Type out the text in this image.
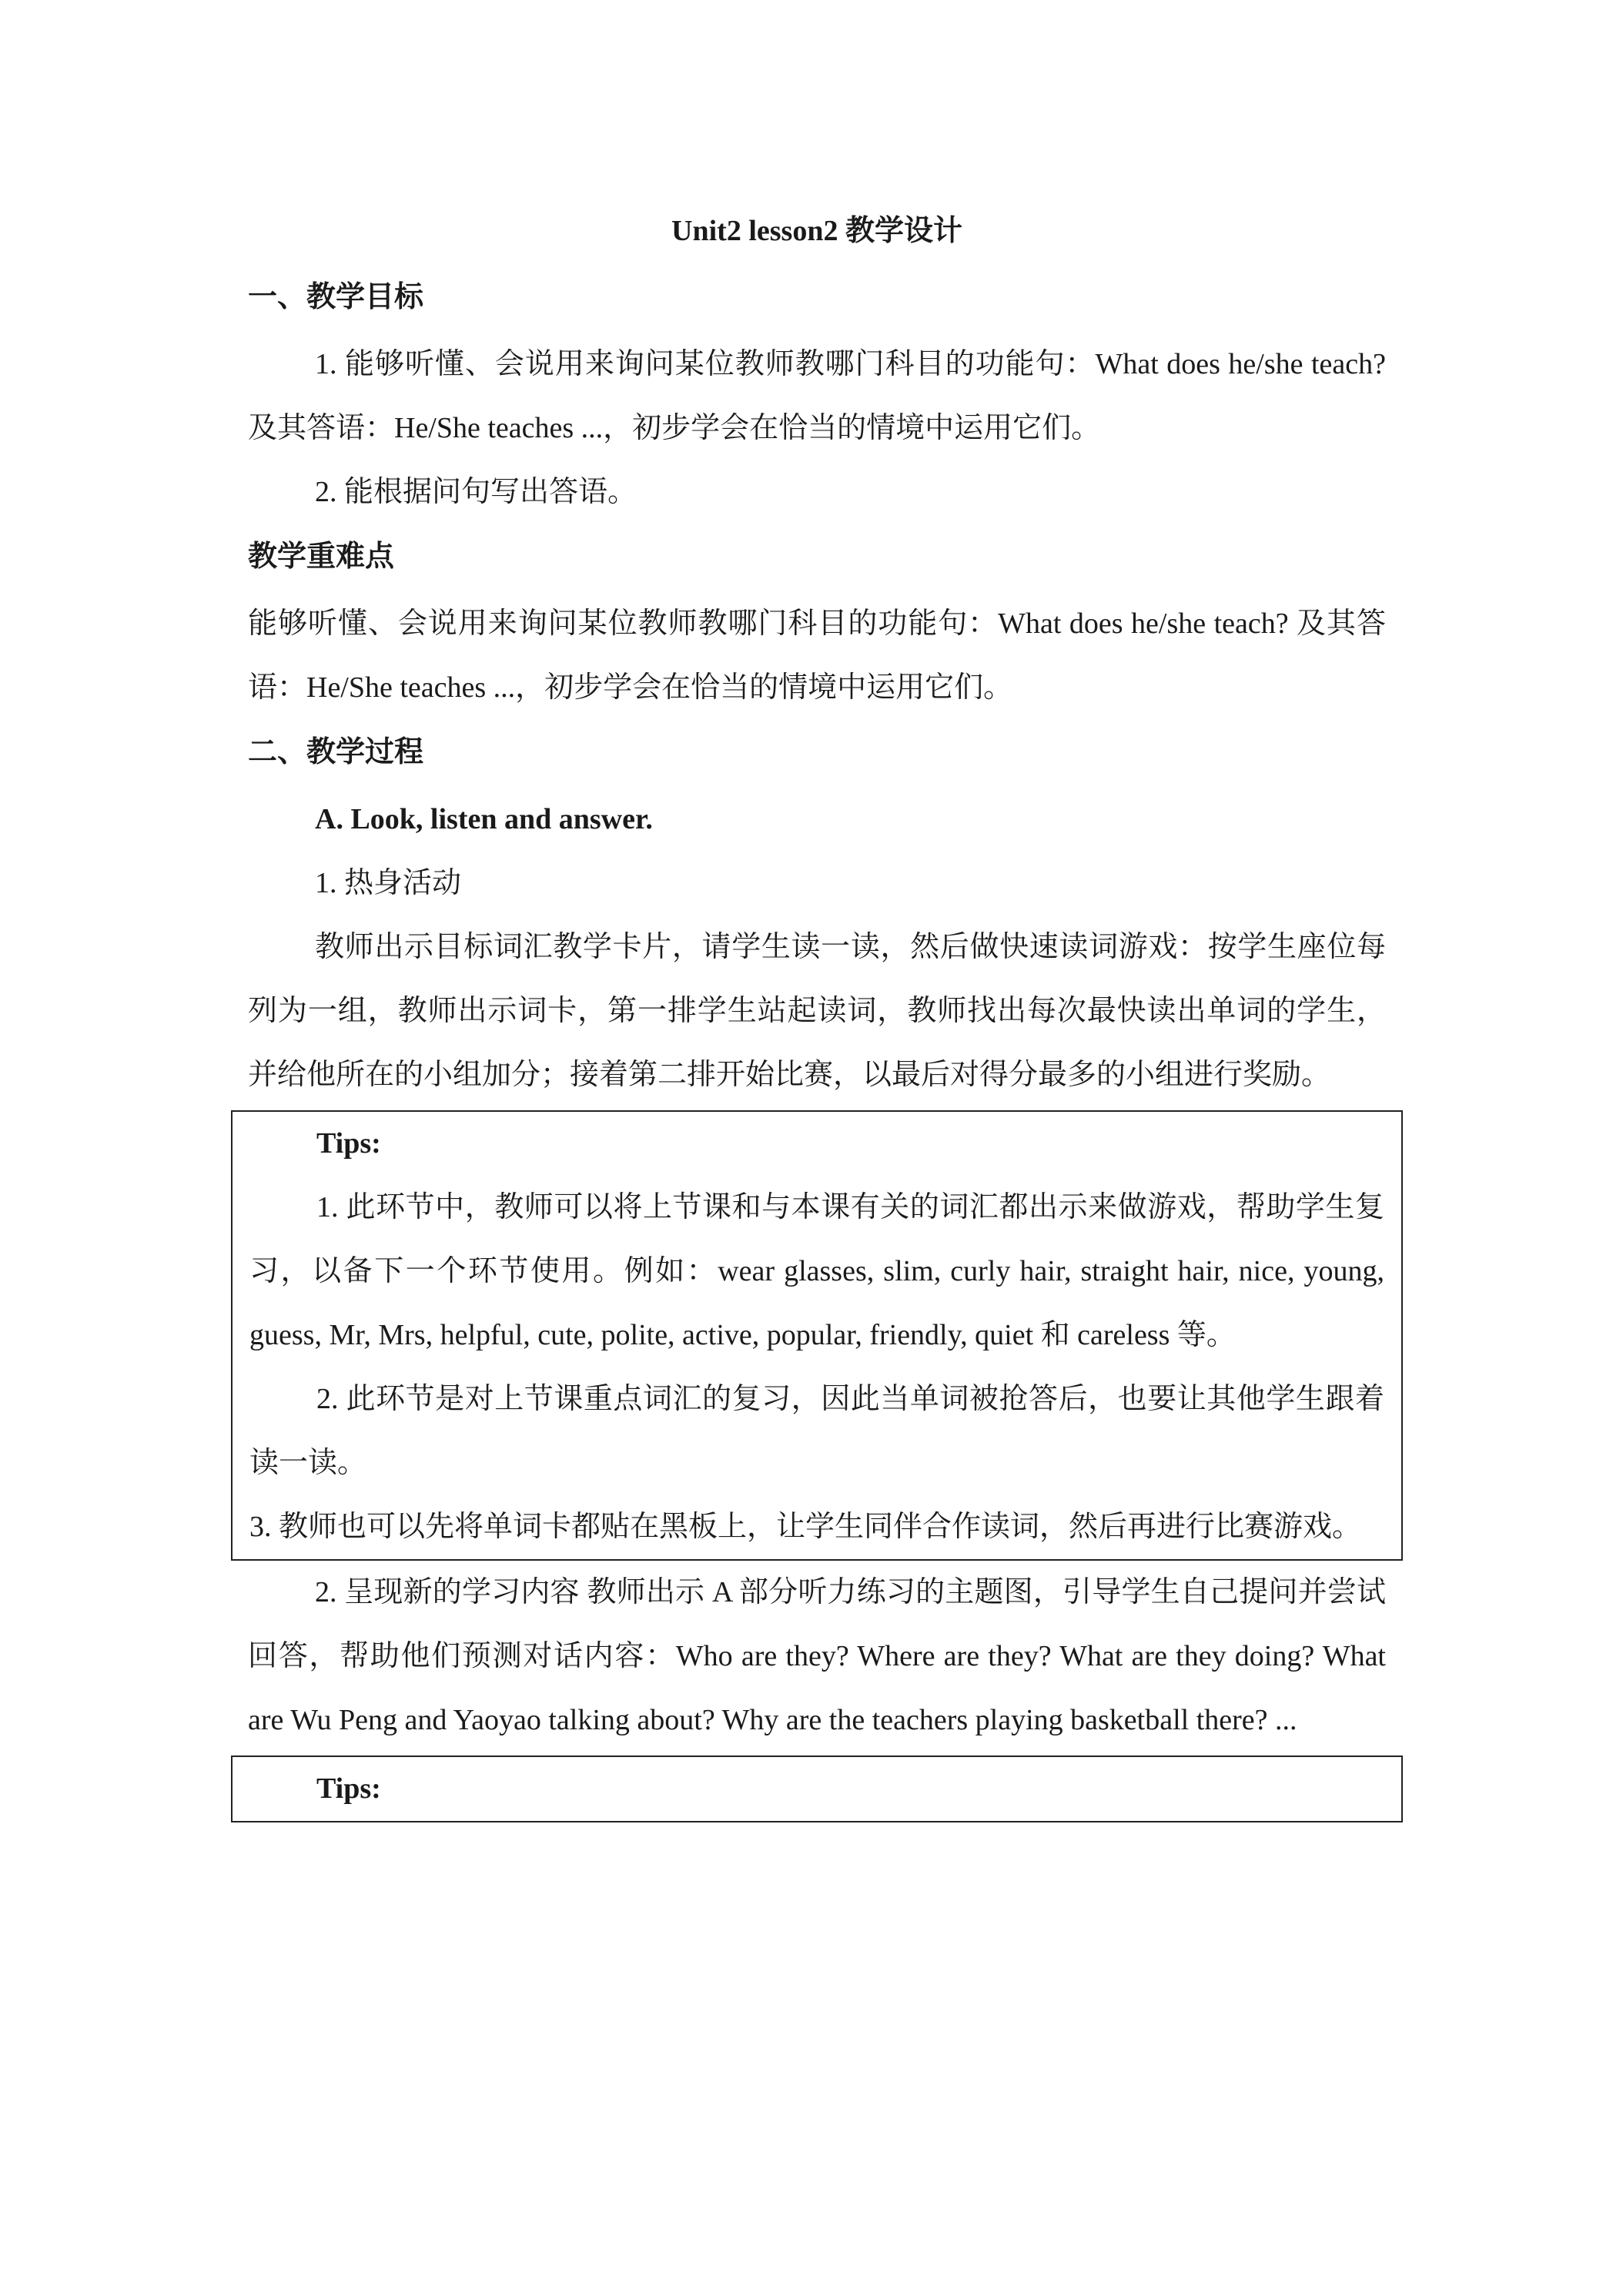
Unit2 lesson2 教学设计
一、教学目标

1. 能够听懂、会说用来询问某位教师教哪门科目的功能句：What does he/she teach? 及其答语：He/She teaches ...，初步学会在恰当的情境中运用它们。

2. 能根据问句写出答语。

教学重难点

能够听懂、会说用来询问某位教师教哪门科目的功能句：What does he/she teach? 及其答语：He/She teaches ...，初步学会在恰当的情境中运用它们。

二、教学过程

A. Look, listen and answer.

1. 热身活动

教师出示目标词汇教学卡片，请学生读一读，然后做快速读词游戏：按学生座位每列为一组，教师出示词卡，第一排学生站起读词，教师找出每次最快读出单词的学生，并给他所在的小组加分；接着第二排开始比赛，以最后对得分最多的小组进行奖励。

Tips:

1. 此环节中，教师可以将上节课和与本课有关的词汇都出示来做游戏，帮助学生复习，以备下一个环节使用。例如：wear glasses, slim, curly hair, straight hair, nice, young, guess, Mr, Mrs, helpful, cute, polite, active, popular, friendly, quiet 和 careless 等。

2. 此环节是对上节课重点词汇的复习，因此当单词被抢答后，也要让其他学生跟着读一读。

3. 教师也可以先将单词卡都贴在黑板上，让学生同伴合作读词，然后再进行比赛游戏。

2. 呈现新的学习内容 教师出示 A 部分听力练习的主题图，引导学生自己提问并尝试回答，帮助他们预测对话内容：Who are they? Where are they? What are they doing? What are Wu Peng and Yaoyao talking about? Why are the teachers playing basketball there? ...

Tips:
